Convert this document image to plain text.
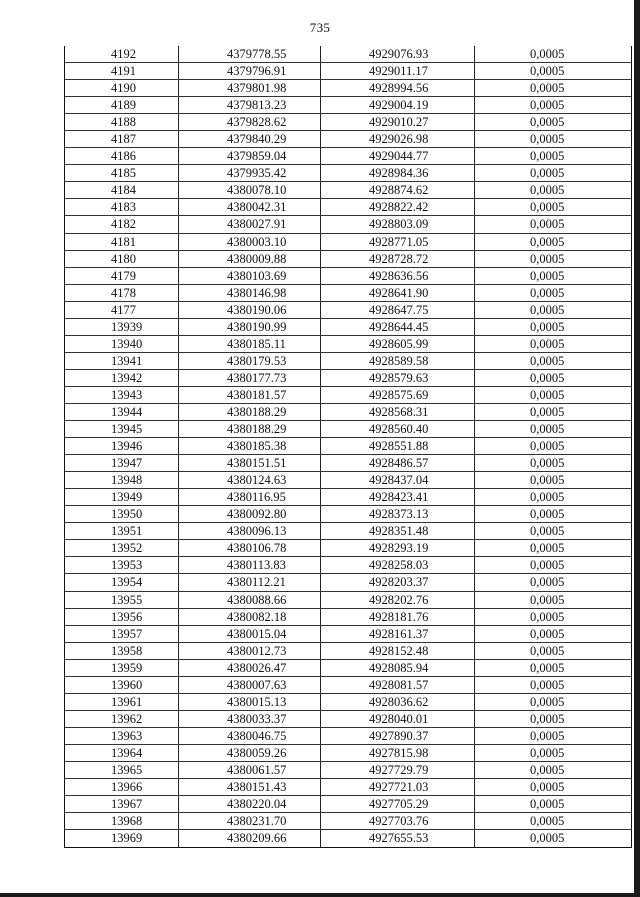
735
4192	4379778.55	4929076.93	0,0005
4191	4379796.91	4929011.17	0,0005
4190	4379801.98	4928994.56	0,0005
4189	4379813.23	4929004.19	0,0005
4188	4379828.62	4929010.27	0,0005
4187	4379840.29	4929026.98	0,0005
4186	4379859.04	4929044.77	0,0005
4185	4379935.42	4928984.36	0,0005
4184	4380078.10	4928874.62	0,0005
4183	4380042.31	4928822.42	0,0005
4182	4380027.91	4928803.09	0,0005
4181	4380003.10	4928771.05	0,0005
4180	4380009.88	4928728.72	0,0005
4179	4380103.69	4928636.56	0,0005
4178	4380146.98	4928641.90	0,0005
4177	4380190.06	4928647.75	0,0005
13939	4380190.99	4928644.45	0,0005
13940	4380185.11	4928605.99	0,0005
13941	4380179.53	4928589.58	0,0005
13942	4380177.73	4928579.63	0,0005
13943	4380181.57	4928575.69	0,0005
13944	4380188.29	4928568.31	0,0005
13945	4380188.29	4928560.40	0,0005
13946	4380185.38	4928551.88	0,0005
13947	4380151.51	4928486.57	0,0005
13948	4380124.63	4928437.04	0,0005
13949	4380116.95	4928423.41	0,0005
13950	4380092.80	4928373.13	0,0005
13951	4380096.13	4928351.48	0,0005
13952	4380106.78	4928293.19	0,0005
13953	4380113.83	4928258.03	0,0005
13954	4380112.21	4928203.37	0,0005
13955	4380088.66	4928202.76	0,0005
13956	4380082.18	4928181.76	0,0005
13957	4380015.04	4928161.37	0,0005
13958	4380012.73	4928152.48	0,0005
13959	4380026.47	4928085.94	0,0005
13960	4380007.63	4928081.57	0,0005
13961	4380015.13	4928036.62	0,0005
13962	4380033.37	4928040.01	0,0005
13963	4380046.75	4927890.37	0,0005
13964	4380059.26	4927815.98	0,0005
13965	4380061.57	4927729.79	0,0005
13966	4380151.43	4927721.03	0,0005
13967	4380220.04	4927705.29	0,0005
13968	4380231.70	4927703.76	0,0005
13969	4380209.66	4927655.53	0,0005
